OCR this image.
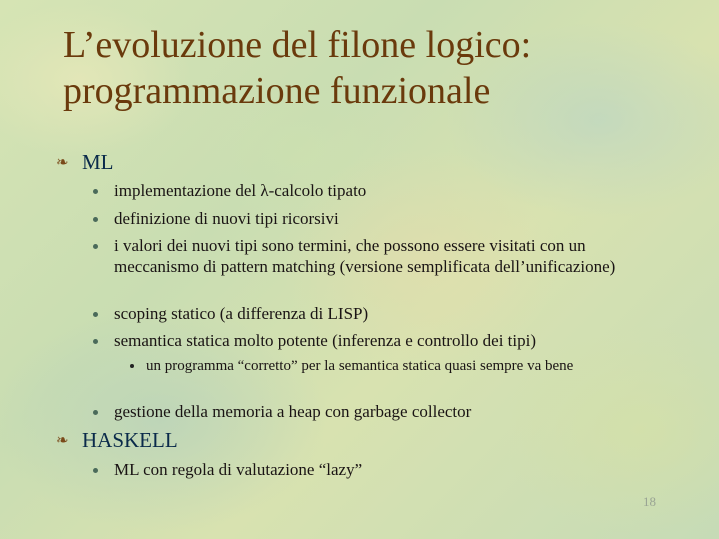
L’evoluzione del filone logico:
programmazione funzionale
❧ ML
implementazione del λ-calcolo tipato
definizione di nuovi tipi ricorsivi
i valori dei nuovi tipi sono termini, che possono essere visitati con un meccanismo di pattern matching (versione semplificata dell’unificazione)
scoping statico (a differenza di LISP)
semantica statica molto potente (inferenza e controllo dei tipi)
un programma “corretto” per la semantica statica quasi sempre va bene
gestione della memoria a heap con garbage collector
❧ HASKELL
ML con regola di valutazione “lazy”
18
